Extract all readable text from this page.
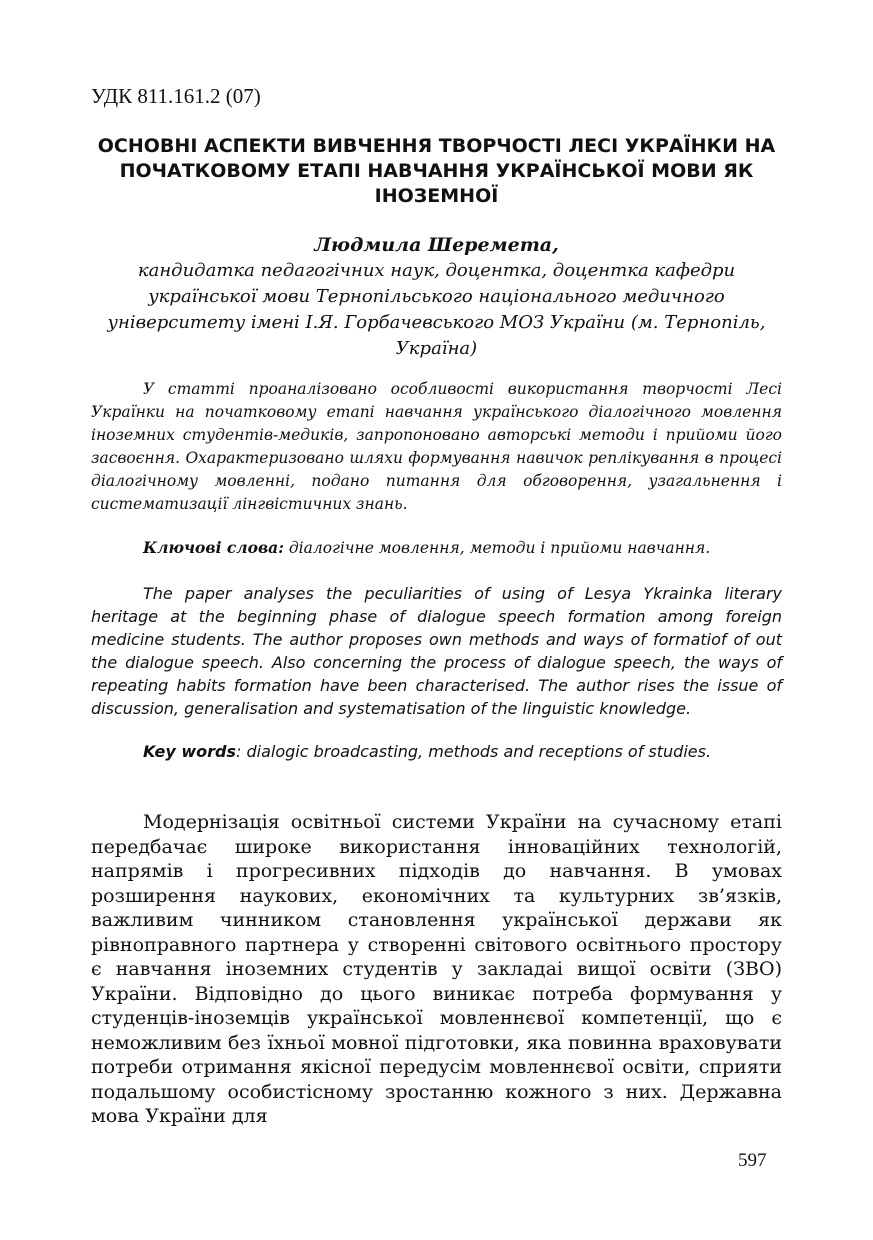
УДК 811.161.2 (07)
ОСНОВНІ АСПЕКТИ ВИВЧЕННЯ ТВОРЧОСТІ ЛЕСІ УКРАЇНКИ НА ПОЧАТКОВОМУ ЕТАПІ НАВЧАННЯ УКРАЇНСЬКОЇ МОВИ ЯК ІНОЗЕМНОЇ
Людмила Шеремета,
кандидатка педагогічних наук, доцентка, доцентка кафедри української мови Тернопільського національного медичного університету імені І.Я. Горбачевського МОЗ України (м. Тернопіль, Україна)
У статті проаналізовано особливості використання творчості Лесі Українки на початковому етапі навчання українського діалогічного мовлення іноземних студентів-медиків, запропоновано авторські методи і прийоми його засвоєння. Охарактеризовано шляхи формування навичок реплікування в процесі діалогічному мовленні, подано питання для обговорення, узагальнення і систематизації лінгвістичних знань.
Ключові слова: діалогічне мовлення, методи і прийоми навчання.
The paper analyses the peculiarities of using of Lesya Ykrainka literary heritage at the beginning phase of dialogue speech formation among foreign medicine students. The author proposes own methods and ways of formatiof of out the dialogue speech. Also concerning the process of dialogue speech, the ways of repeating habits formation have been characterised. The author rises the issue of discussion, generalisation and systematisation of the linguistic knowledge.
Key words: dialogic broadcasting, methods and receptions of studies.
Модернізація освітньої системи України на сучасному етапі передбачає широке використання інноваційних технологій, напрямів і прогресивних підходів до навчання. В умовах розширення наукових, економічних та культурних зв’язків, важливим чинником становлення української держави як рівноправного партнера у створенні світового освітнього простору є навчання іноземних студентів у закладаі вищої освіти (ЗВО) України. Відповідно до цього виникає потреба формування у студенців-іноземців української мовленнєвої компетенції, що є неможливим без їхньої мовної підготовки, яка повинна враховувати потреби отримання якісної передусім мовленнєвої освіти, сприяти подальшому особистісному зростанню кожного з них. Державна мова України для
597
